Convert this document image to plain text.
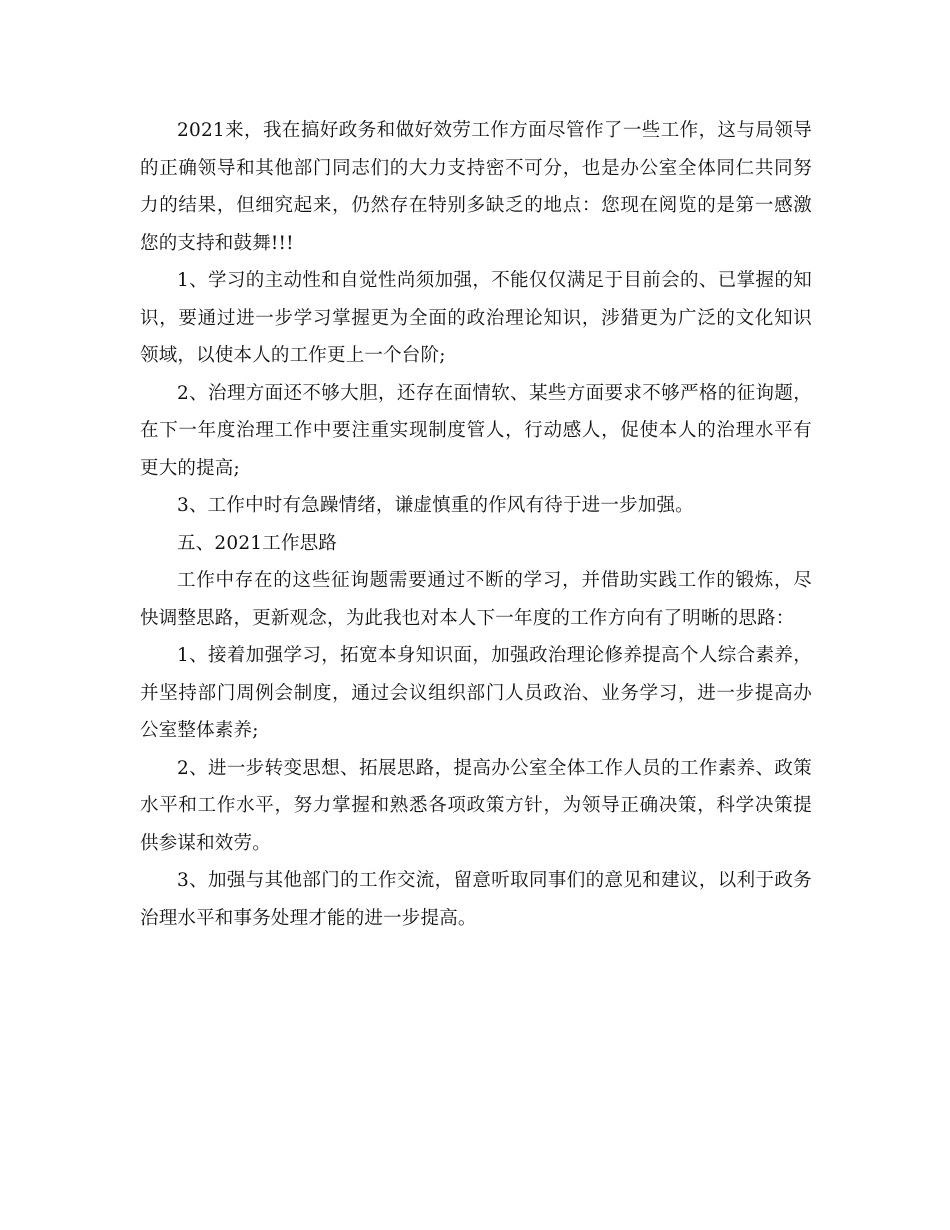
2021来，我在搞好政务和做好效劳工作方面尽管作了一些工作，这与局领导的正确领导和其他部门同志们的大力支持密不可分，也是办公室全体同仁共同努力的结果，但细究起来，仍然存在特别多缺乏的地点：您现在阅览的是第一感激您的支持和鼓舞!!!

1、学习的主动性和自觉性尚须加强，不能仅仅满足于目前会的、已掌握的知识，要通过进一步学习掌握更为全面的政治理论知识，涉猎更为广泛的文化知识领域，以使本人的工作更上一个台阶;

2、治理方面还不够大胆，还存在面情软、某些方面要求不够严格的征询题，在下一年度治理工作中要注重实现制度管人，行动感人，促使本人的治理水平有更大的提高;

3、工作中时有急躁情绪，谦虚慎重的作风有待于进一步加强。

五、2021工作思路

工作中存在的这些征询题需要通过不断的学习，并借助实践工作的锻炼，尽快调整思路，更新观念，为此我也对本人下一年度的工作方向有了明晰的思路：

1、接着加强学习，拓宽本身知识面，加强政治理论修养提高个人综合素养，并坚持部门周例会制度，通过会议组织部门人员政治、业务学习，进一步提高办公室整体素养;

2、进一步转变思想、拓展思路，提高办公室全体工作人员的工作素养、政策水平和工作水平，努力掌握和熟悉各项政策方针，为领导正确决策，科学决策提供参谋和效劳。

3、加强与其他部门的工作交流，留意听取同事们的意见和建议，以利于政务治理水平和事务处理才能的进一步提高。
